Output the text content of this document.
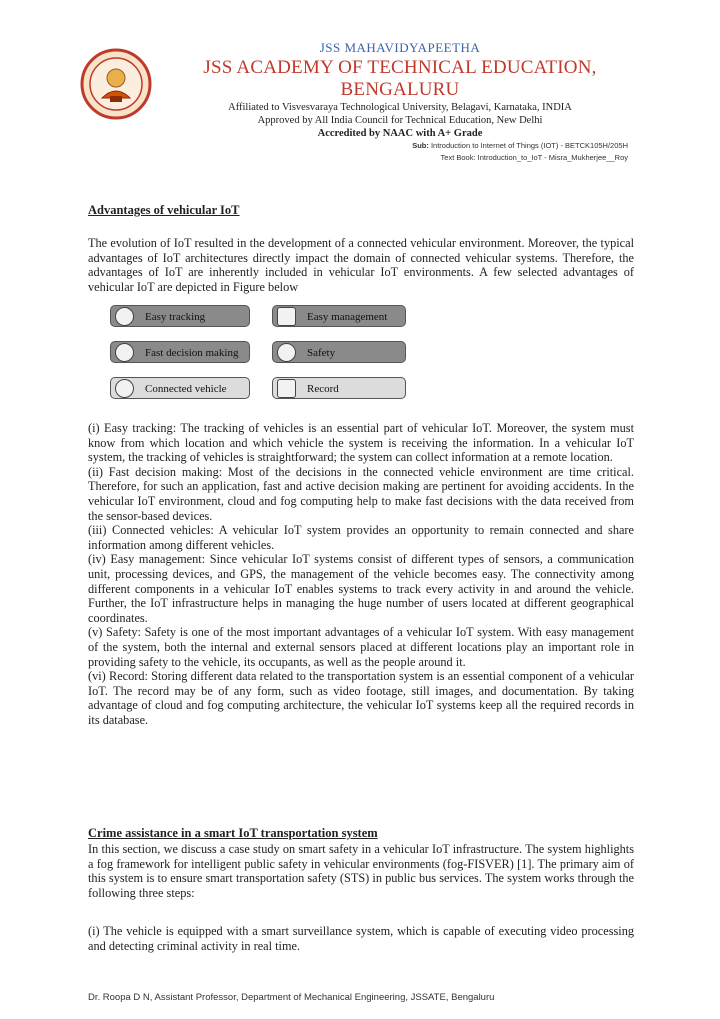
JSS MAHAVIDYAPEETHA
JSS ACADEMY OF TECHNICAL EDUCATION, BENGALURU
Affiliated to Visvesvaraya Technological University, Belagavi, Karnataka, INDIA
Approved by All India Council for Technical Education, New Delhi
Accredited by NAAC with A+ Grade
Sub: Introduction to Internet of Things (IOT) - BETCK105H/205H
Text Book: Introduction_to_IoT - Misra_Mukherjee__Roy
Advantages of vehicular IoT

The evolution of IoT resulted in the development of a connected vehicular environment. Moreover, the typical advantages of IoT architectures directly impact the domain of connected vehicular systems. Therefore, the advantages of IoT are inherently included in vehicular IoT environments. A few selected advantages of vehicular IoT are depicted in Figure below

Easy tracking	Easy management
Fast decision making	Safety
Connected vehicle	Record
(i) Easy tracking: The tracking of vehicles is an essential part of vehicular IoT. Moreover, the system must know from which location and which vehicle the system is receiving the information. In a vehicular IoT system, the tracking of vehicles is straightforward; the system can collect information at a remote location.
(ii) Fast decision making: Most of the decisions in the connected vehicle environment are time critical. Therefore, for such an application, fast and active decision making are pertinent for avoiding accidents. In the vehicular IoT environment, cloud and fog computing help to make fast decisions with the data received from the sensor-based devices.
(iii) Connected vehicles: A vehicular IoT system provides an opportunity to remain connected and share information among different vehicles.
(iv) Easy management: Since vehicular IoT systems consist of different types of sensors, a communication unit, processing devices, and GPS, the management of the vehicle becomes easy. The connectivity among different components in a vehicular IoT enables systems to track every activity in and around the vehicle. Further, the IoT infrastructure helps in managing the huge number of users located at different geographical coordinates.
(v) Safety: Safety is one of the most important advantages of a vehicular IoT system. With easy management of the system, both the internal and external sensors placed at different locations play an important role in providing safety to the vehicle, its occupants, as well as the people around it.
(vi) Record: Storing different data related to the transportation system is an essential component of a vehicular IoT. The record may be of any form, such as video footage, still images, and documentation. By taking advantage of cloud and fog computing architecture, the vehicular IoT systems keep all the required records in its database.
Crime assistance in a smart IoT transportation system

In this section, we discuss a case study on smart safety in a vehicular IoT infrastructure. The system highlights a fog framework for intelligent public safety in vehicular environments (fog-FISVER) [1]. The primary aim of this system is to ensure smart transportation safety (STS) in public bus services. The system works through the following three steps:

(i) The vehicle is equipped with a smart surveillance system, which is capable of executing video processing and detecting criminal activity in real time.

Dr. Roopa D N, Assistant Professor, Department of Mechanical Engineering, JSSATE, Bengaluru
